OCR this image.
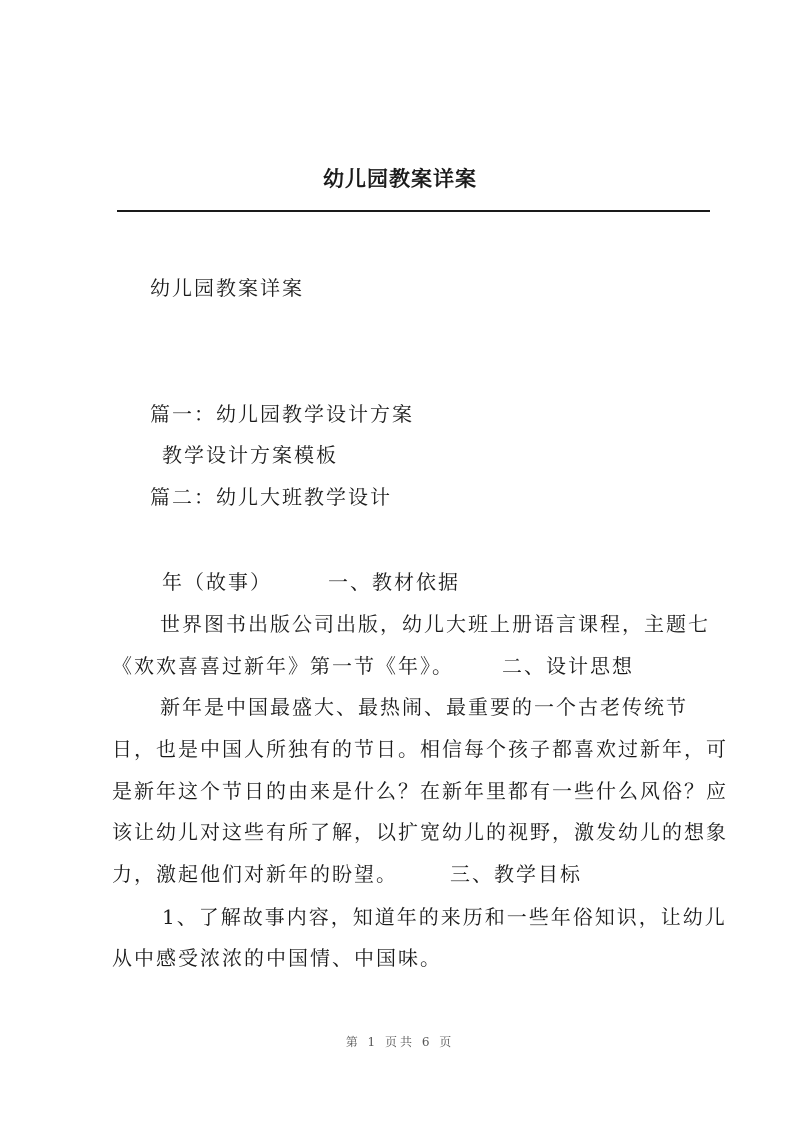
幼儿园教案详案
幼儿园教案详案
篇一：幼儿园教学设计方案
教学设计方案模板
篇二：幼儿大班教学设计
年（故事）	一、教材依据
世界图书出版公司出版，幼儿大班上册语言课程，主题七
《欢欢喜喜过新年》第一节《年》。 二、设计思想
新年是中国最盛大、最热闹、最重要的一个古老传统节
日，也是中国人所独有的节日。相信每个孩子都喜欢过新年，可
是新年这个节日的由来是什么？在新年里都有一些什么风俗？应
该让幼儿对这些有所了解，以扩宽幼儿的视野，激发幼儿的想象
力，激起他们对新年的盼望。	三、教学目标
1、了解故事内容，知道年的来历和一些年俗知识，让幼儿
从中感受浓浓的中国情、中国味。
第 1 页共 6 页
